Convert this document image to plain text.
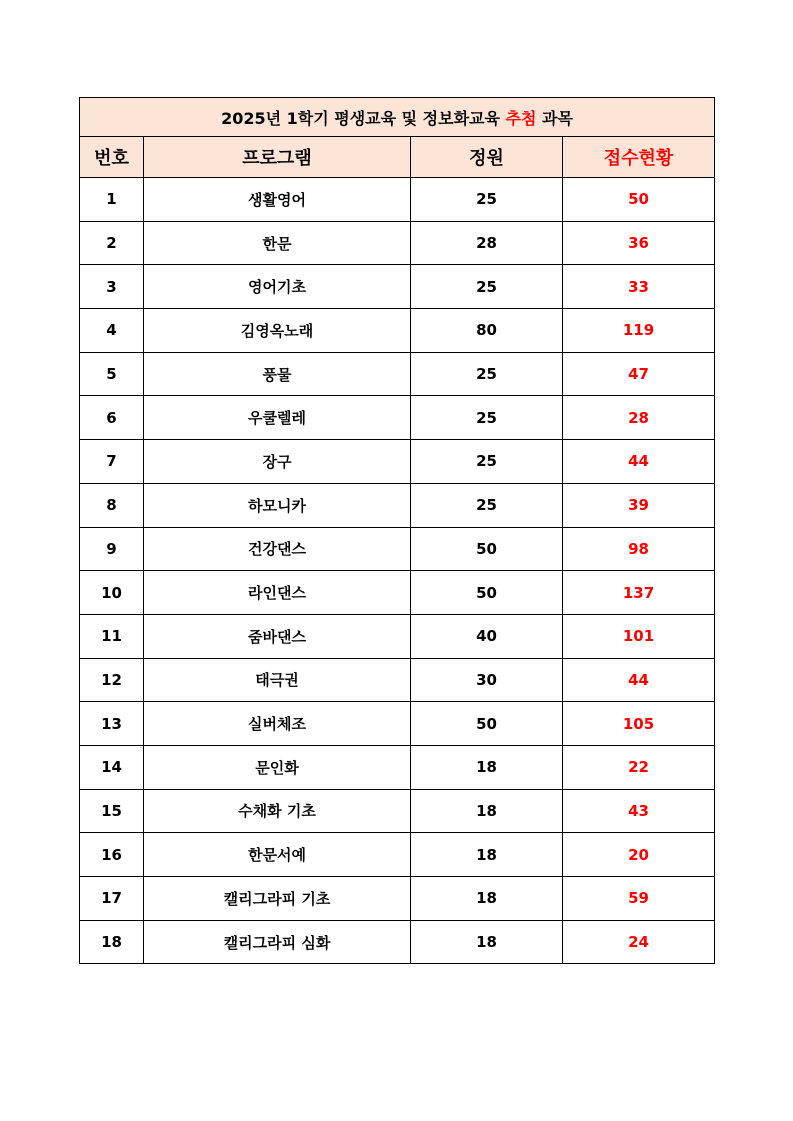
2025년 1학기 평생교육 및 정보화교육 추첨 과목			
번호	프로그램	정원	접수현황
1	생활영어	25	50
2	한문	28	36
3	영어기초	25	33
4	김영옥노래	80	119
5	풍물	25	47
6	우쿨렐레	25	28
7	장구	25	44
8	하모니카	25	39
9	건강댄스	50	98
10	라인댄스	50	137
11	줌바댄스	40	101
12	태극권	30	44
13	실버체조	50	105
14	문인화	18	22
15	수채화 기초	18	43
16	한문서예	18	20
17	캘리그라피 기초	18	59
18	캘리그라피 심화	18	24
